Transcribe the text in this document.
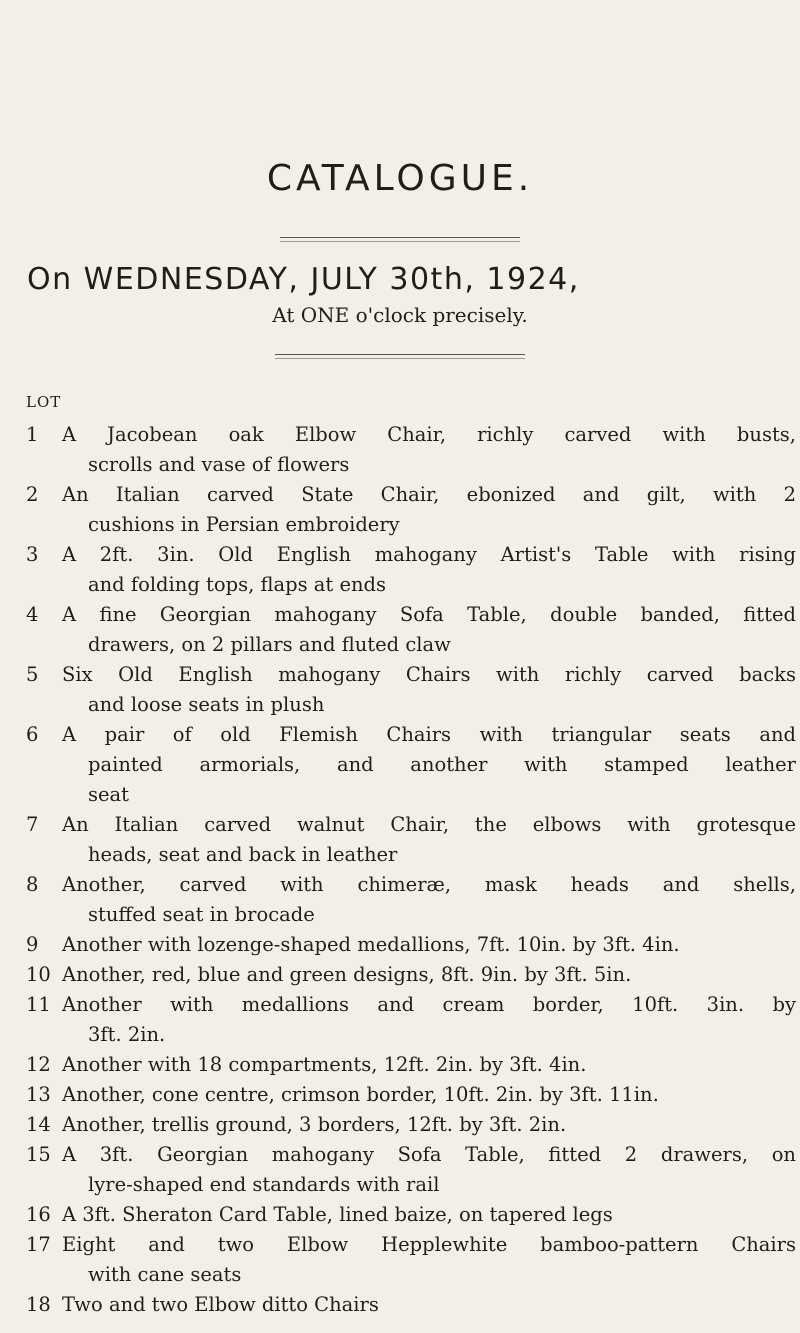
CATALOGUE.
On WEDNESDAY, JULY 30th, 1924,
At ONE o'clock precisely.
LOT
1	A Jacobean oak Elbow Chair, richly carved with busts,
scrolls and vase of flowers
2	An Italian carved State Chair, ebonized and gilt, with 2
cushions in Persian embroidery
3	A 2ft. 3in. Old English mahogany Artist's Table with rising
and folding tops, flaps at ends
4	A fine Georgian mahogany Sofa Table, double banded, fitted
drawers, on 2 pillars and fluted claw
5	Six Old English mahogany Chairs with richly carved backs
and loose seats in plush
6	A pair of old Flemish Chairs with triangular seats and
painted armorials, and another with stamped leather
seat
7	An Italian carved walnut Chair, the elbows with grotesque
heads, seat and back in leather
8	Another, carved with chimeræ, mask heads and shells,
stuffed seat in brocade
9	Another with lozenge-shaped medallions, 7ft. 10in. by 3ft. 4in.
10 Another, red, blue and green designs, 8ft. 9in. by 3ft. 5in.
11 Another with medallions and cream border, 10ft. 3in. by
3ft. 2in.
12 Another with 18 compartments, 12ft. 2in. by 3ft. 4in.
13 Another, cone centre, crimson border, 10ft. 2in. by 3ft. 11in.
14 Another, trellis ground, 3 borders, 12ft. by 3ft. 2in.
15 A 3ft. Georgian mahogany Sofa Table, fitted 2 drawers, on
lyre-shaped end standards with rail
16 A 3ft. Sheraton Card Table, lined baize, on tapered legs
17 Eight and two Elbow Hepplewhite bamboo-pattern Chairs
with cane seats
18 Two and two Elbow ditto Chairs
